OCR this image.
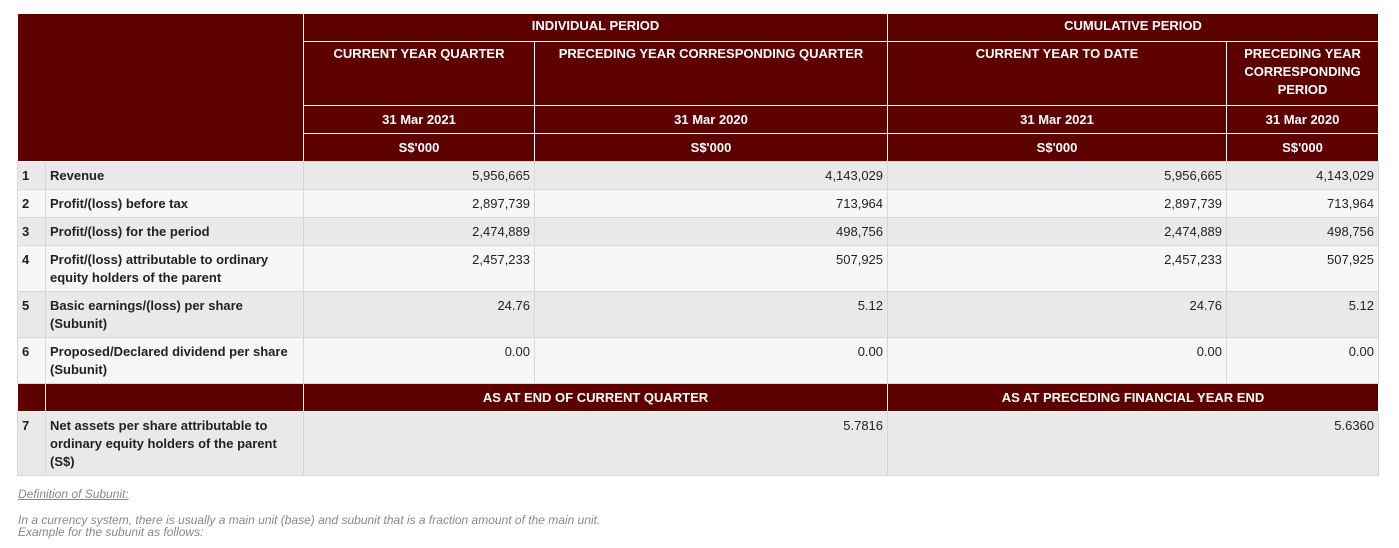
		INDIVIDUAL PERIOD		CUMULATIVE PERIOD	
		CURRENT YEAR QUARTER	PRECEDING YEAR CORRESPONDING QUARTER	CURRENT YEAR TO DATE	PRECEDING YEAR CORRESPONDING PERIOD
		31 Mar 2021	31 Mar 2020	31 Mar 2021	31 Mar 2020
		S$'000	S$'000	S$'000	S$'000

1	Revenue	5,956,665	4,143,029	5,956,665	4,143,029
2	Profit/(loss) before tax	2,897,739	713,964	2,897,739	713,964
3	Profit/(loss) for the period	2,474,889	498,756	2,474,889	498,756
4	Profit/(loss) attributable to ordinary equity holders of the parent	2,457,233	507,925	2,457,233	507,925
5	Basic earnings/(loss) per share (Subunit)	24.76	5.12	24.76	5.12
6	Proposed/Declared dividend per share (Subunit)	0.00	0.00	0.00	0.00
		AS AT END OF CURRENT QUARTER		AS AT PRECEDING FINANCIAL YEAR END	
7	Net assets per share attributable to ordinary equity holders of the parent (S$)	5.7816		5.6360	
Definition of Subunit:
In a currency system, there is usually a main unit (base) and subunit that is a fraction amount of the main unit.
Example for the subunit as follows:
